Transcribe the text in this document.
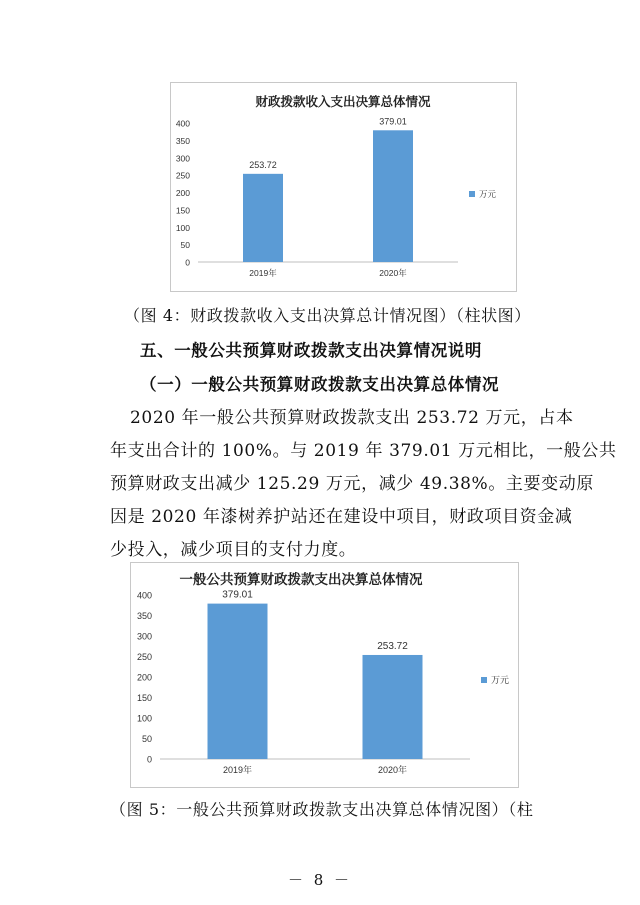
财政拨款收入支出决算总体情况
0
50
100
150
200
250
300
350
400
253.72
2019年
379.01
2020年
万元
（图 4：财政拨款收入支出决算总计情况图）（柱状图）
五、一般公共预算财政拨款支出决算情况说明
（一）一般公共预算财政拨款支出决算总体情况
2020 年一般公共预算财政拨款支出 253.72 万元，占本
年支出合计的 100%。与 2019 年 379.01 万元相比，一般公共
预算财政支出减少 125.29 万元，减少 49.38%。主要变动原
因是 2020 年漆树养护站还在建设中项目，财政项目资金减
少投入，减少项目的支付力度。
一般公共预算财政拨款支出决算总体情况
0
50
100
150
200
250
300
350
400	379.01
2019年
253.72
2020年
万元
（图 5：一般公共预算财政拨款支出决算总体情况图）（柱
－ 8 －
